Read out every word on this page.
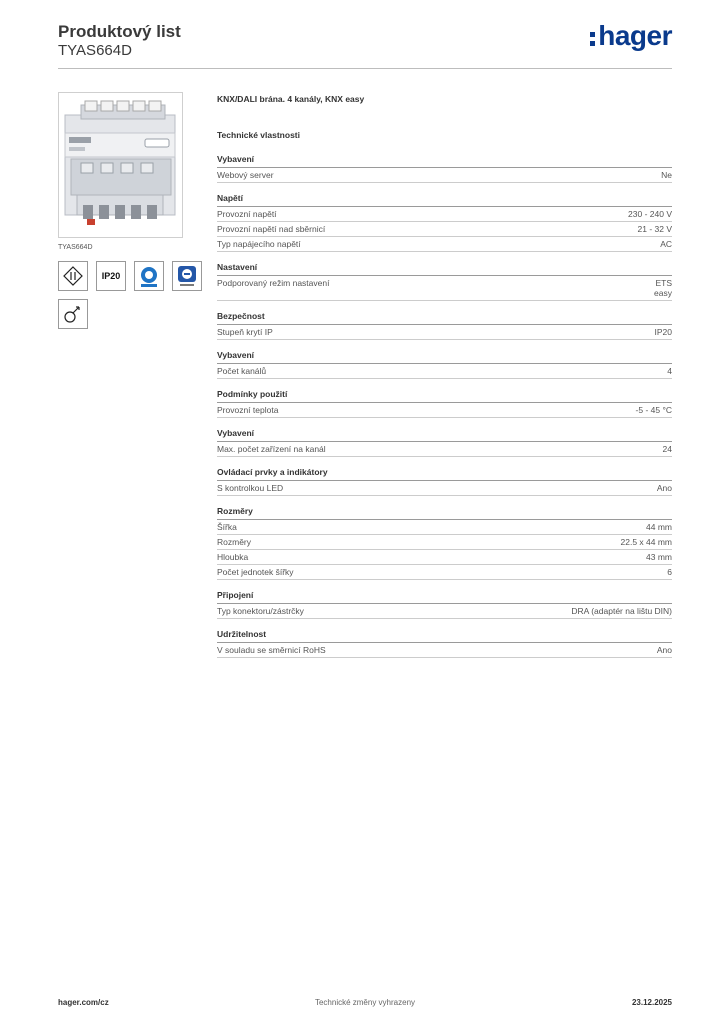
Produktový list
TYAS664D	hager
TYAS664D
IP20
KNX/DALI brána. 4 kanály, KNX easy
Technické vlastnosti
Vybavení
Webový server	Ne
Napětí
Provozní napětí	230 - 240 V
Provozní napětí nad sběrnicí	21 - 32 V
Typ napájecího napětí	AC
Nastavení
Podporovaný režim nastavení	ETS
easy
Bezpečnost
Stupeň krytí IP	IP20
Vybavení
Počet kanálů	4
Podmínky použití
Provozní teplota	-5 - 45 °C
Vybavení
Max. počet zařízení na kanál	24
Ovládací prvky a indikátory
S kontrolkou LED	Ano
Rozměry
Šířka	44 mm
Rozměry	22.5 x 44 mm
Hloubka	43 mm
Počet jednotek šířky	6
Připojení
Typ konektoru/zástrčky	DRA (adaptér na lištu DIN)
Udržitelnost
V souladu se směrnicí RoHS	Ano
hager.com/cz	Technické změny vyhrazeny	23.12.2025
